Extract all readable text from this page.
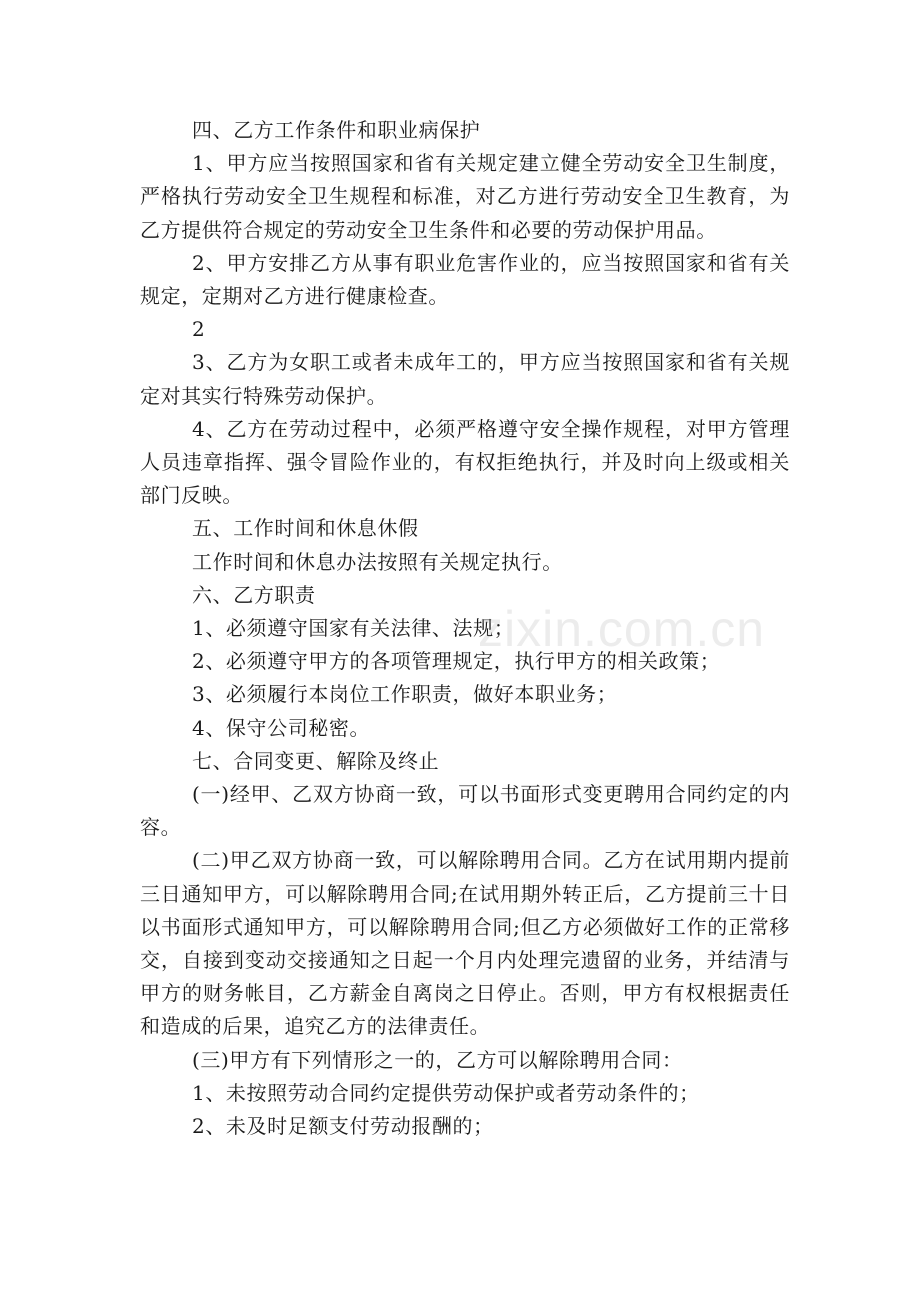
四、乙方工作条件和职业病保护

1、甲方应当按照国家和省有关规定建立健全劳动安全卫生制度，严格执行劳动安全卫生规程和标准，对乙方进行劳动安全卫生教育，为乙方提供符合规定的劳动安全卫生条件和必要的劳动保护用品。

2、甲方安排乙方从事有职业危害作业的，应当按照国家和省有关规定，定期对乙方进行健康检查。

2

3、乙方为女职工或者未成年工的，甲方应当按照国家和省有关规定对其实行特殊劳动保护。

4、乙方在劳动过程中，必须严格遵守安全操作规程，对甲方管理人员违章指挥、强令冒险作业的，有权拒绝执行，并及时向上级或相关部门反映。

五、工作时间和休息休假

工作时间和休息办法按照有关规定执行。

六、乙方职责

1、必须遵守国家有关法律、法规；

2、必须遵守甲方的各项管理规定，执行甲方的相关政策；

3、必须履行本岗位工作职责，做好本职业务；

4、保守公司秘密。

七、合同变更、解除及终止

(一)经甲、乙双方协商一致，可以书面形式变更聘用合同约定的内容。

(二)甲乙双方协商一致，可以解除聘用合同。乙方在试用期内提前三日通知甲方，可以解除聘用合同;在试用期外转正后，乙方提前三十日以书面形式通知甲方，可以解除聘用合同;但乙方必须做好工作的正常移交，自接到变动交接通知之日起一个月内处理完遗留的业务，并结清与甲方的财务帐目，乙方薪金自离岗之日停止。否则，甲方有权根据责任和造成的后果，追究乙方的法律责任。

(三)甲方有下列情形之一的，乙方可以解除聘用合同：

1、未按照劳动合同约定提供劳动保护或者劳动条件的；

2、未及时足额支付劳动报酬的；

zixin.com.cn
